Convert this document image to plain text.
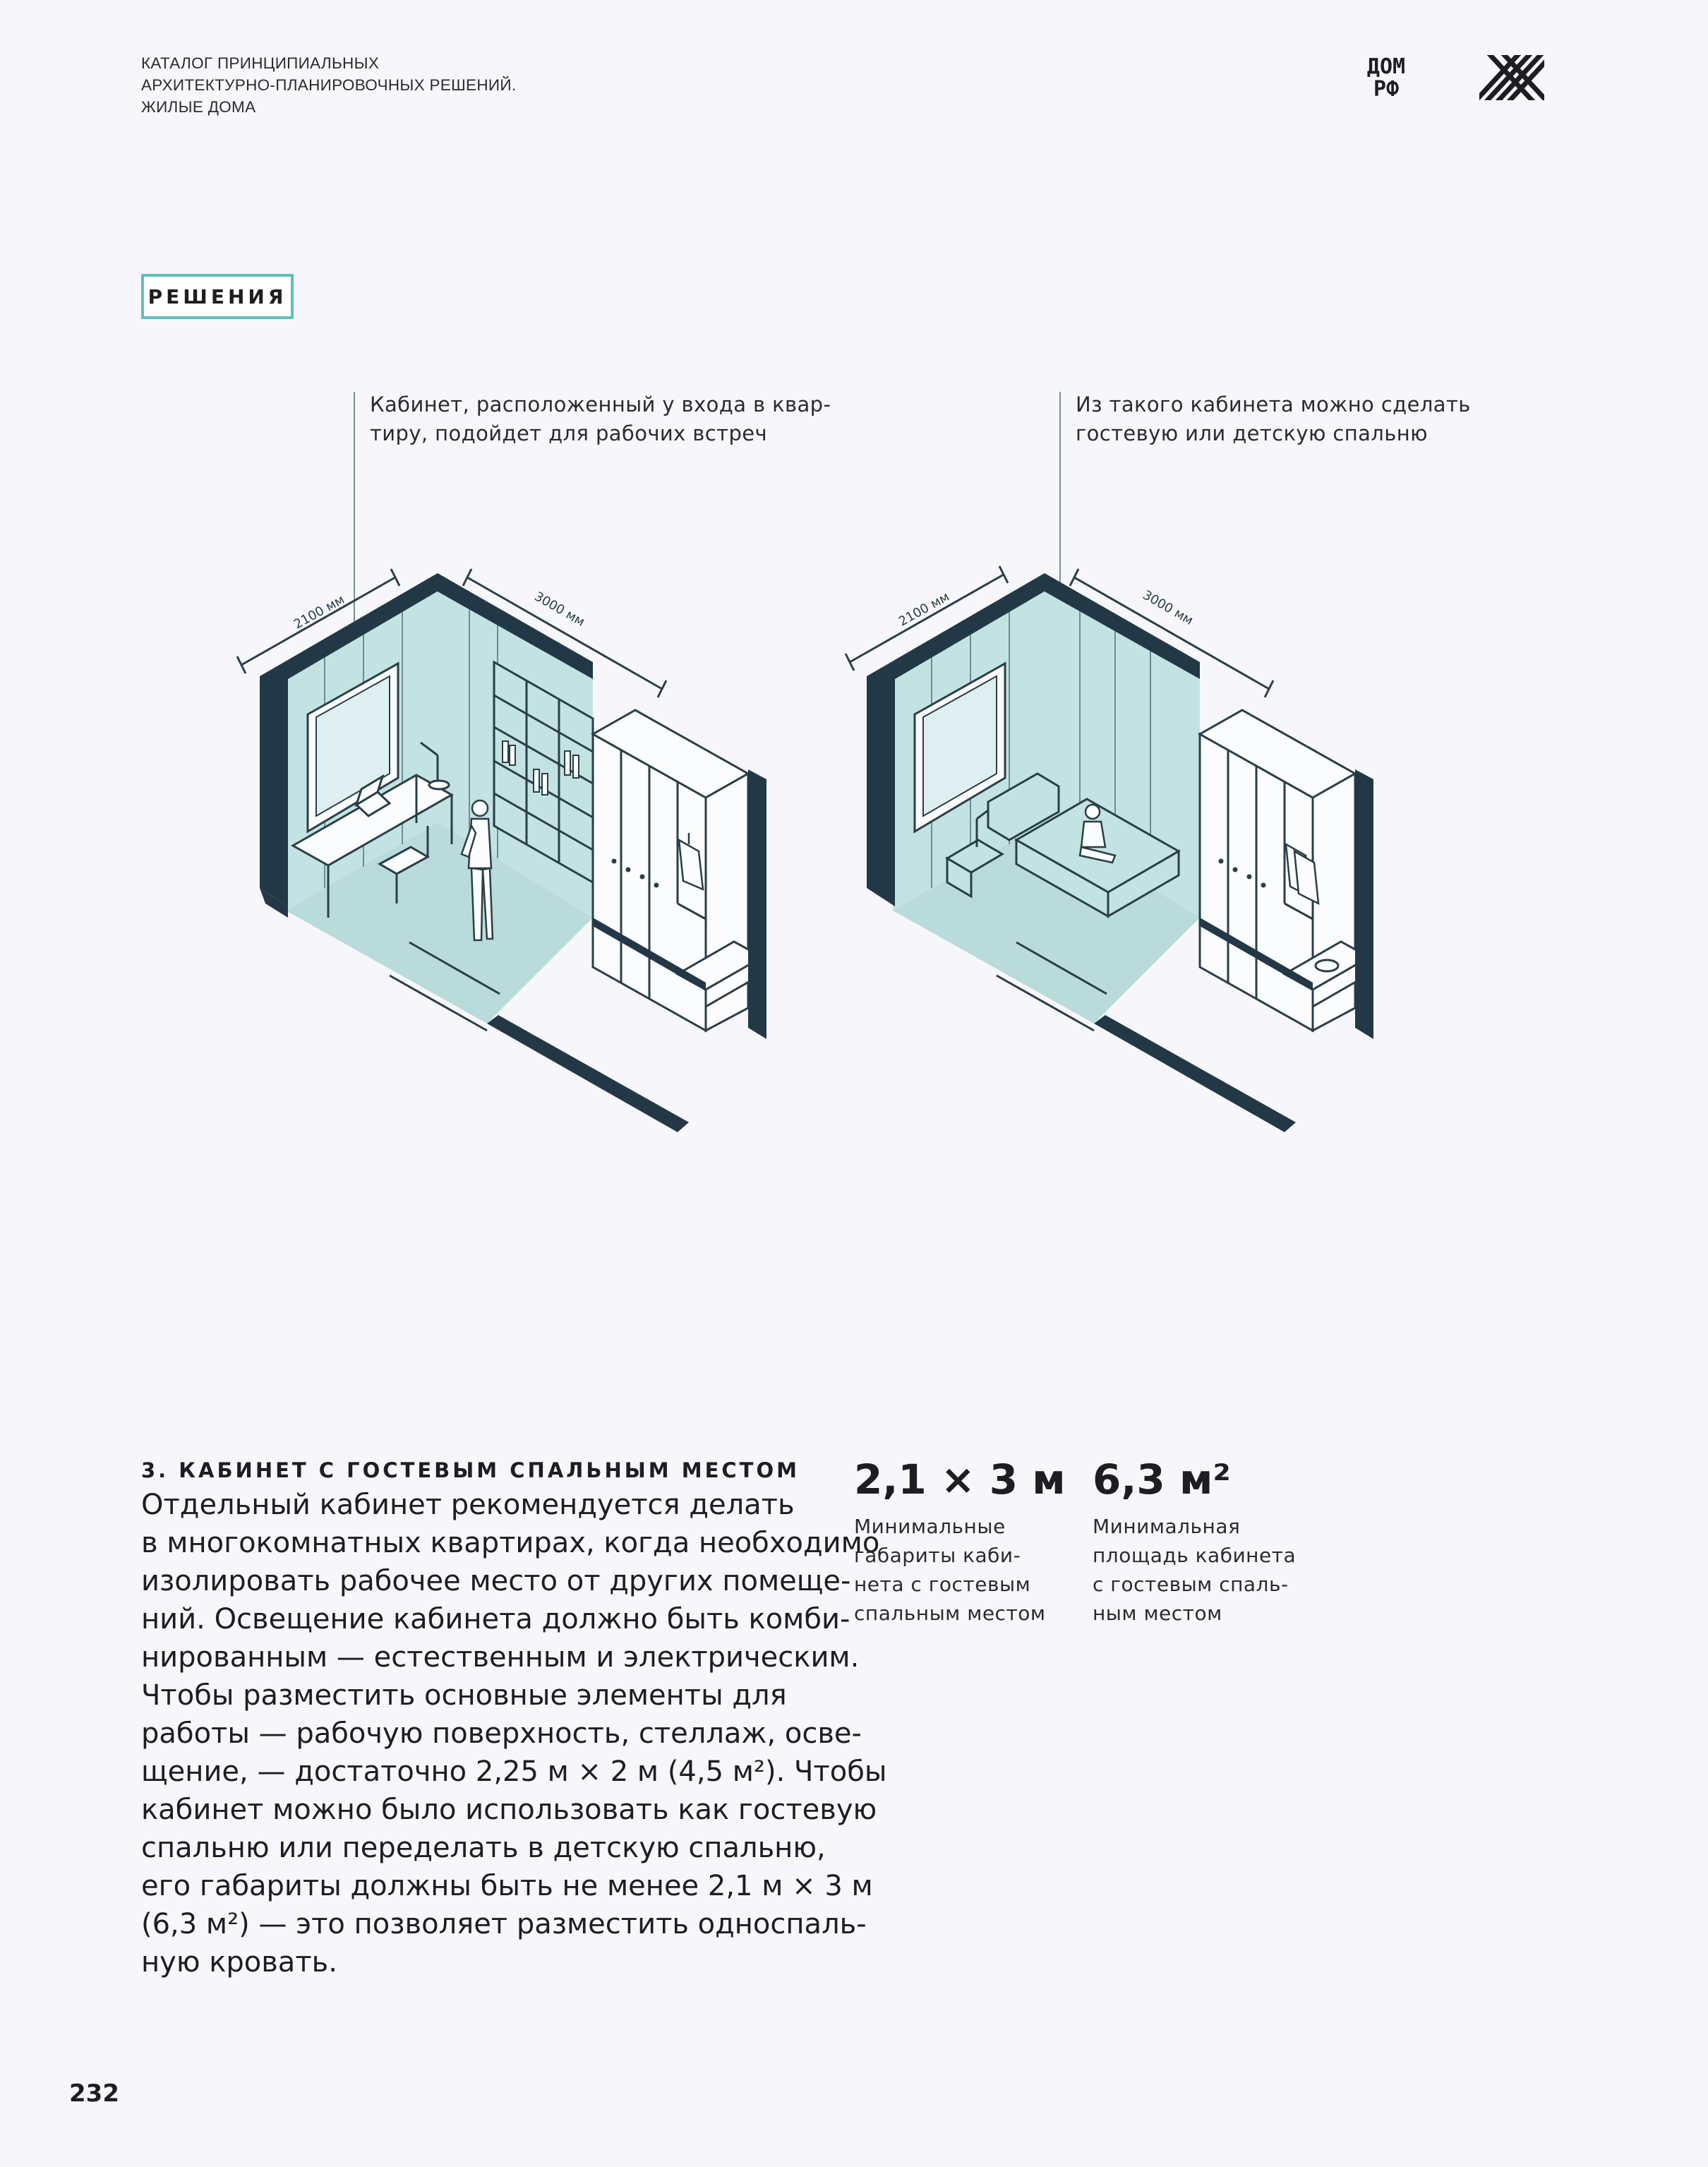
КАТАЛОГ ПРИНЦИПИАЛЬНЫХ
АРХИТЕКТУРНО-ПЛАНИРОВОЧНЫХ РЕШЕНИЙ.
ЖИЛЫЕ ДОМА
ДОМ
РФ
РЕШЕНИЯ
Кабинет, расположенный у входа в квар-
тиру, подойдет для рабочих встреч
Из такого кабинета можно сделать
гостевую или детскую спальню
2100 мм	3000 мм	2100 мм	3000 мм
3. КАБИНЕТ С ГОСТЕВЫМ СПАЛЬНЫМ МЕСТОМ
Отдельный кабинет рекомендуется делать
в многокомнатных квартирах, когда необходимо
изолировать рабочее место от других помеще-
ний. Освещение кабинета должно быть комби-
нированным — естественным и электрическим.
Чтобы разместить основные элементы для
работы — рабочую поверхность, стеллаж, осве-
щение, — достаточно 2,25 м × 2 м (4,5 м²). Чтобы
кабинет можно было использовать как гостевую
спальню или переделать в детскую спальню,
его габариты должны быть не менее 2,1 м × 3 м
(6,3 м²) — это позволяет разместить односпаль-
ную кровать.
2,1 × 3 м
Минимальные
габариты каби-
нета с гостевым
спальным местом
6,3 м²
Минимальная
площадь кабинета
с гостевым спаль-
ным местом
232
